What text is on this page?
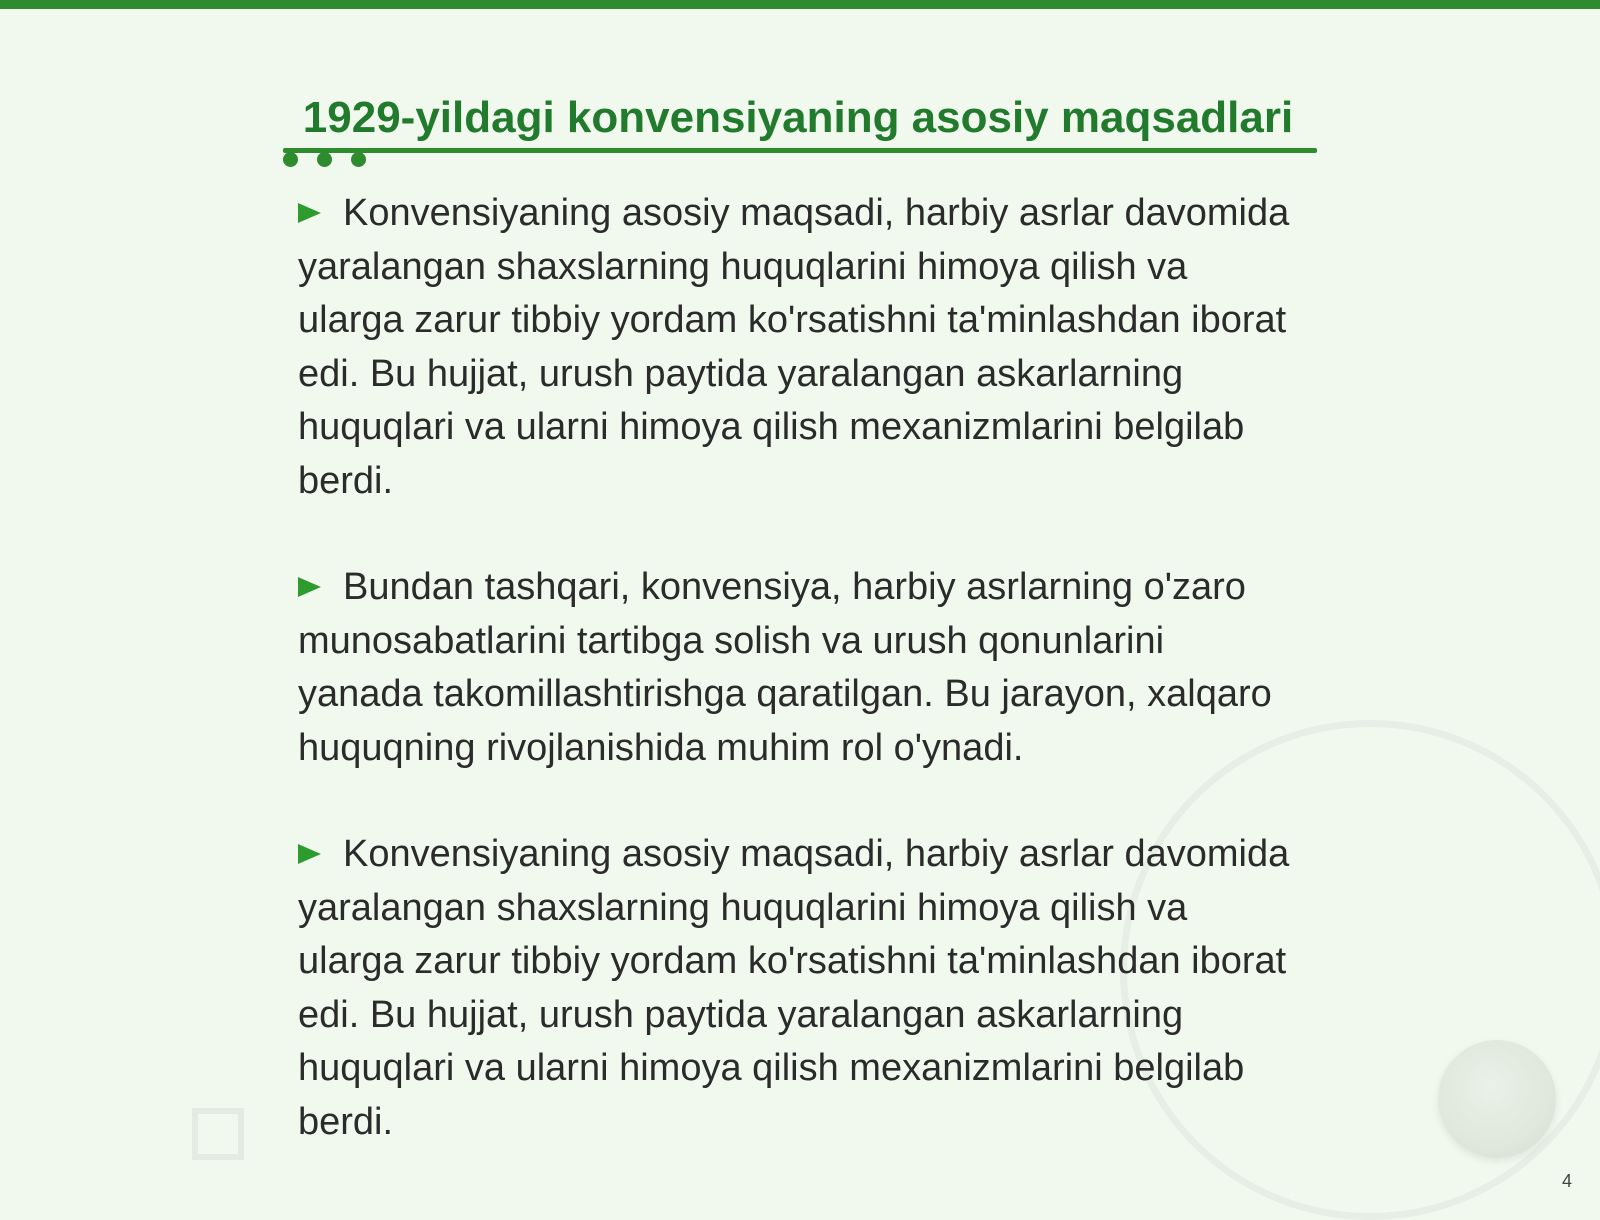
Konvensiyaning asosiy maqsadi, harbiy asrlar davomida yaralangan shaxslarning huquqlarini himoya qilish va ularga zarur tibbiy yordam ko'rsatishni ta'minlashdan iborat edi. Bu hujjat, urush paytida yaralangan askarlarning huquqlari va ularni himoya qilish mexanizmlarini belgilab berdi.

Bundan tashqari, konvensiya, harbiy asrlarning o'zaro munosabatlarini tartibga solish va urush qonunlarini yanada takomillashtirishga qaratilgan. Bu jarayon, xalqaro huquqning rivojlanishida muhim rol o'ynadi.

Konvensiyaning asosiy maqsadi, harbiy asrlar davomida yaralangan shaxslarning huquqlarini himoya qilish va ularga zarur tibbiy yordam ko'rsatishni ta'minlashdan iborat edi. Bu hujjat, urush paytida yaralangan askarlarning huquqlari va ularni himoya qilish mexanizmlarini belgilab berdi.

1929-yildagi konvensiyaning asosiy maqsadlari
4
